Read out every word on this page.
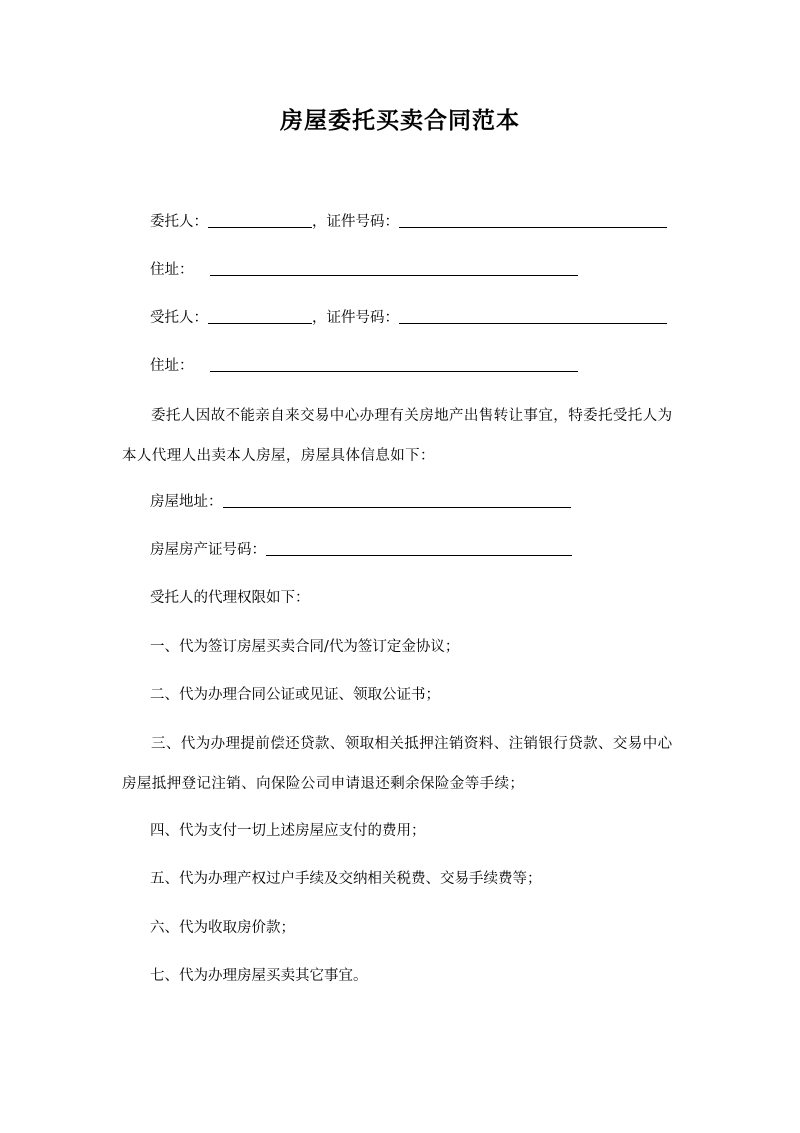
房屋委托买卖合同范本
委托人：	，证件号码：
住址：
受托人：	，证件号码：
住址：
委托人因故不能亲自来交易中心办理有关房地产出售转让事宜，特委托受托人为本人代理人出卖本人房屋，房屋具体信息如下：
房屋地址：
房屋房产证号码：
受托人的代理权限如下：
一、代为签订房屋买卖合同/代为签订定金协议；
二、代为办理合同公证或见证、领取公证书；
三、代为办理提前偿还贷款、领取相关抵押注销资料、注销银行贷款、交易中心房屋抵押登记注销、向保险公司申请退还剩余保险金等手续；
四、代为支付一切上述房屋应支付的费用；
五、代为办理产权过户手续及交纳相关税费、交易手续费等；
六、代为收取房价款；
七、代为办理房屋买卖其它事宜。
